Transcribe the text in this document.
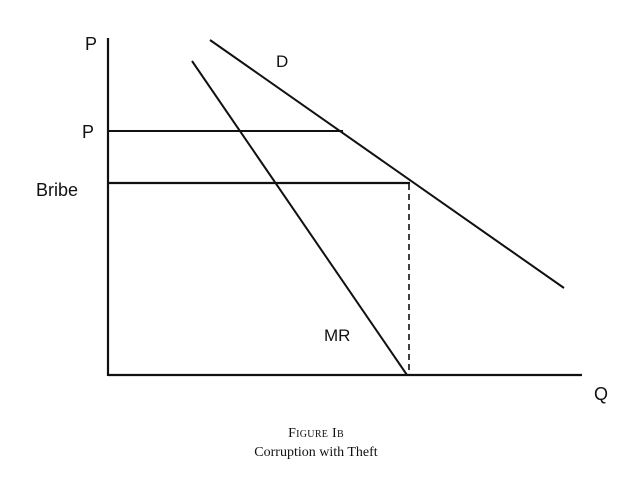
P
Q
P
Bribe
D
MR
Figure Ib
Corruption with Theft
